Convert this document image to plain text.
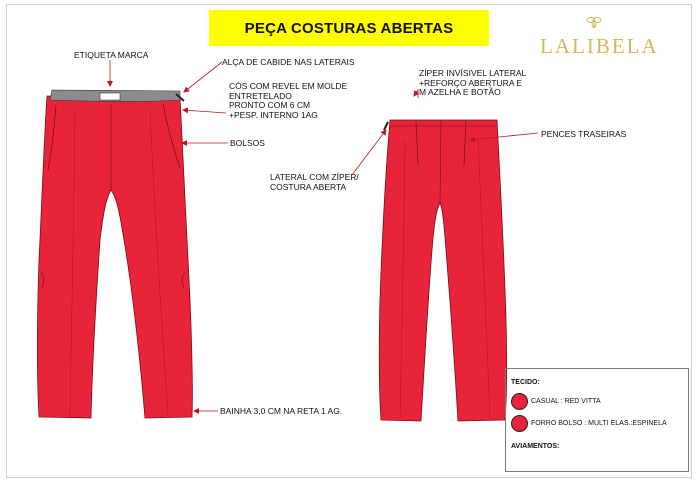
PEÇA COSTURAS ABERTAS
LALIBELA
ETIQUETA MARCA
ALÇA DE CABIDE NAS LATERAIS
CÓS COM REVEL EM MOLDE
ENTRETELADO
PRONTO COM 6 CM
+PESP. INTERNO 1AG
BOLSOS
BAINHA 3,0 CM NA RETA 1 AG.
ZÍPER INVÍSIVEL LATERAL
+REFORÇO ABERTURA E
M AZELHA E BOTÃO
PENCES TRASEIRAS
LATERAL COM ZÍPER/
COSTURA ABERTA
TECIDO:
CASUAL : RED VITTA
FORRO BOLSO : MULTI ELAS.:ESPINELA
AVIAMENTOS:
